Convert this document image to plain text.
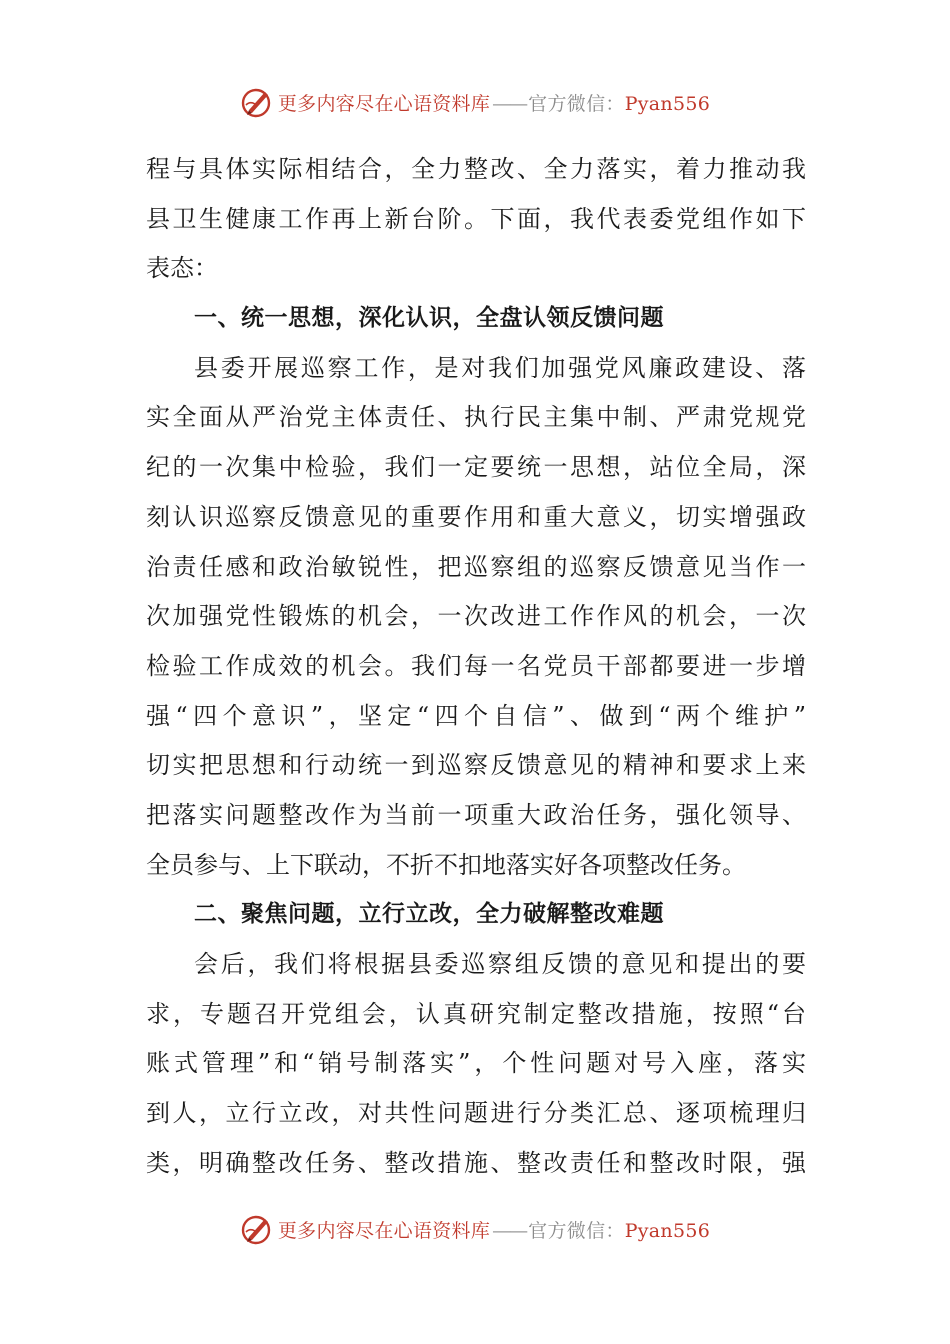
更多内容尽在心语资料库 —— 官方微信：Pyan556
程与具体实际相结合，全力整改、全力落实，着力推动我
县卫生健康工作再上新台阶。下面，我代表委党组作如下
表态：
一、统一思想，深化认识，全盘认领反馈问题
县委开展巡察工作，是对我们加强党风廉政建设、落
实全面从严治党主体责任、执行民主集中制、严肃党规党
纪的一次集中检验，我们一定要统一思想，站位全局，深
刻认识巡察反馈意见的重要作用和重大意义，切实增强政
治责任感和政治敏锐性，把巡察组的巡察反馈意见当作一
次加强党性锻炼的机会，一次改进工作作风的机会，一次
检验工作成效的机会。我们每一名党员干部都要进一步增
强“四个意识”，坚定“四个自信”、做到“两个维护”
切实把思想和行动统一到巡察反馈意见的精神和要求上来
把落实问题整改作为当前一项重大政治任务，强化领导、
全员参与、上下联动，不折不扣地落实好各项整改任务。
二、聚焦问题，立行立改，全力破解整改难题
会后，我们将根据县委巡察组反馈的意见和提出的要
求，专题召开党组会，认真研究制定整改措施，按照“台
账式管理”和“销号制落实”，个性问题对号入座，落实
到人，立行立改，对共性问题进行分类汇总、逐项梳理归
类，明确整改任务、整改措施、整改责任和整改时限，强
更多内容尽在心语资料库 —— 官方微信：Pyan556
